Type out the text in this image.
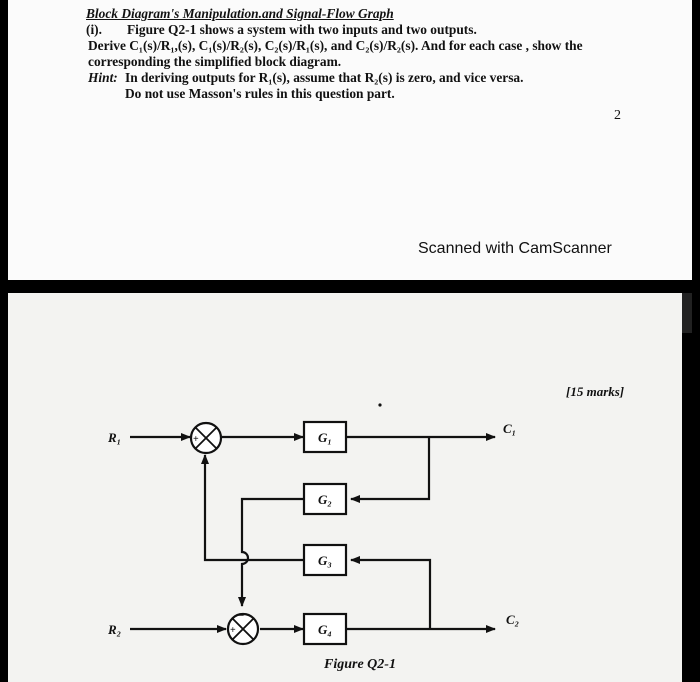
Block Diagram's Manipulation.and Signal-Flow Graph
(i). Figure Q2-1 shows a system with two inputs and two outputs.
Derive C₁(s)/R₁,(s), C₁(s)/R₂(s), C₂(s)/R₁(s), and C₂(s)/R₂(s). And for each case , show the
corresponding the simplified block diagram.
Hint: In deriving outputs for R₁(s), assume that R₂(s) is zero, and vice versa.
Do not use Masson's rules in this question part.
2
Scanned with CamScanner
[15 marks]
+
−
+
−
G₁
G₂
G₃
G₄
R₁
R₂
C₁
C₂
Figure Q2-1
